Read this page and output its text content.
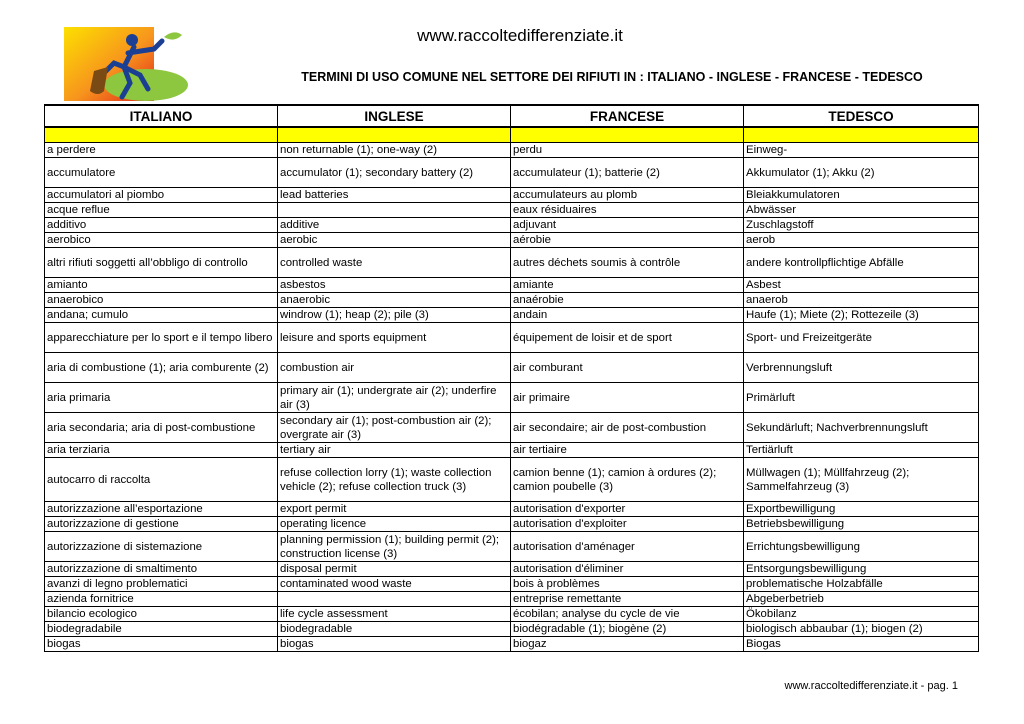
www.raccoltedifferenziate.it
TERMINI DI USO COMUNE NEL SETTORE DEI RIFIUTI IN : ITALIANO - INGLESE - FRANCESE - TEDESCO
ITALIANO	INGLESE	FRANCESE	TEDESCO

a perdere	non returnable (1); one-way (2)	perdu	Einweg-
accumulatore	accumulator (1); secondary battery (2)	accumulateur (1); batterie (2)	Akkumulator (1); Akku (2)
accumulatori al piombo	lead batteries	accumulateurs au plomb	Bleiakkumulatoren
acque reflue		eaux résiduaires	Abwässer
additivo	additive	adjuvant	Zuschlagstoff
aerobico	aerobic	aérobie	aerob
altri rifiuti soggetti all’obbligo di controllo	controlled waste	autres déchets soumis à contrôle	andere kontrollpflichtige Abfälle
amianto	asbestos	amiante	Asbest
anaerobico	anaerobic	anaérobie	anaerob
andana; cumulo	windrow (1); heap (2); pile (3)	andain	Haufe (1); Miete (2); Rottezeile (3)
apparecchiature per lo sport e il tempo libero	leisure and sports equipment	équipement de loisir et de sport	Sport- und Freizeitgeräte
aria di combustione (1); aria comburente (2)	combustion air	air comburant	Verbrennungsluft
aria primaria	primary air (1); undergrate air (2); underfire air (3)	air primaire	Primärluft
aria secondaria; aria di post-combustione	secondary air (1); post-combustion air (2); overgrate air (3)	air secondaire; air de post-combustion	Sekundärluft; Nachverbrennungsluft
aria terziaria	tertiary air	air tertiaire	Tertiärluft
autocarro di raccolta	refuse collection lorry (1); waste collection vehicle (2); refuse collection truck (3)	camion benne (1); camion à ordures (2); camion poubelle (3)	Müllwagen (1); Müllfahrzeug (2); Sammelfahrzeug (3)
autorizzazione all’esportazione	export permit	autorisation d'exporter	Exportbewilligung
autorizzazione di gestione	operating licence	autorisation d'exploiter	Betriebsbewilligung
autorizzazione di sistemazione	planning permission (1); building permit (2); construction license (3)	autorisation d'aménager	Errichtungsbewilligung
autorizzazione di smaltimento	disposal permit	autorisation d'éliminer	Entsorgungsbewilligung
avanzi di legno problematici	contaminated wood waste	bois à problèmes	problematische Holzabfälle
azienda fornitrice		entreprise remettante	Abgeberbetrieb
bilancio ecologico	life cycle assessment	écobilan; analyse du cycle de vie	Ökobilanz
biodegradabile	biodegradable	biodégradable (1); biogène (2)	biologisch abbaubar (1); biogen (2)
biogas	biogas	biogaz	Biogas
www.raccoltedifferenziate.it - pag. 1
